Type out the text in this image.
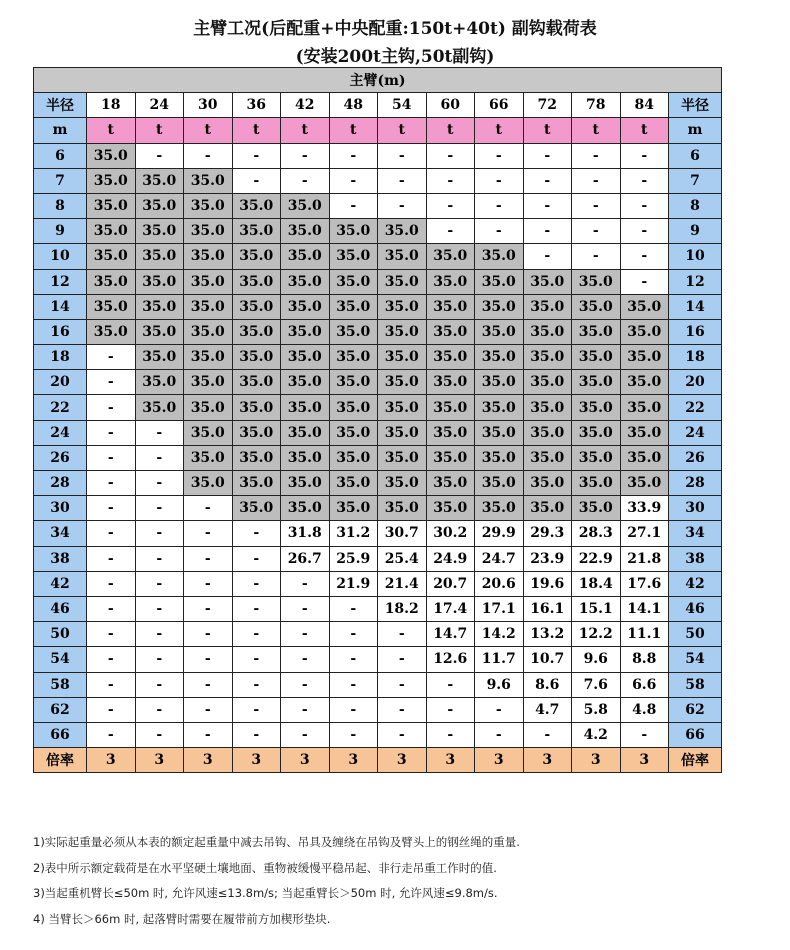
主臂工况(后配重+中央配重:150t+40t) 副钩载荷表
(安装200t主钩,50t副钩)
主臂(m)													
半径	18	24	30	36	42	48	54	60	66	72	78	84	半径
m	t	t	t	t	t	t	t	t	t	t	t	t	m
6	35.0	-	-	-	-	-	-	-	-	-	-	-	6
7	35.0	35.0	35.0	-	-	-	-	-	-	-	-	-	7
8	35.0	35.0	35.0	35.0	35.0	-	-	-	-	-	-	-	8
9	35.0	35.0	35.0	35.0	35.0	35.0	35.0	-	-	-	-	-	9
10	35.0	35.0	35.0	35.0	35.0	35.0	35.0	35.0	35.0	-	-	-	10
12	35.0	35.0	35.0	35.0	35.0	35.0	35.0	35.0	35.0	35.0	35.0	-	12
14	35.0	35.0	35.0	35.0	35.0	35.0	35.0	35.0	35.0	35.0	35.0	35.0	14
16	35.0	35.0	35.0	35.0	35.0	35.0	35.0	35.0	35.0	35.0	35.0	35.0	16
18	-	35.0	35.0	35.0	35.0	35.0	35.0	35.0	35.0	35.0	35.0	35.0	18
20	-	35.0	35.0	35.0	35.0	35.0	35.0	35.0	35.0	35.0	35.0	35.0	20
22	-	35.0	35.0	35.0	35.0	35.0	35.0	35.0	35.0	35.0	35.0	35.0	22
24	-	-	35.0	35.0	35.0	35.0	35.0	35.0	35.0	35.0	35.0	35.0	24
26	-	-	35.0	35.0	35.0	35.0	35.0	35.0	35.0	35.0	35.0	35.0	26
28	-	-	35.0	35.0	35.0	35.0	35.0	35.0	35.0	35.0	35.0	35.0	28
30	-	-	-	35.0	35.0	35.0	35.0	35.0	35.0	35.0	35.0	33.9	30
34	-	-	-	-	31.8	31.2	30.7	30.2	29.9	29.3	28.3	27.1	34
38	-	-	-	-	26.7	25.9	25.4	24.9	24.7	23.9	22.9	21.8	38
42	-	-	-	-	-	21.9	21.4	20.7	20.6	19.6	18.4	17.6	42
46	-	-	-	-	-	-	18.2	17.4	17.1	16.1	15.1	14.1	46
50	-	-	-	-	-	-	-	14.7	14.2	13.2	12.2	11.1	50
54	-	-	-	-	-	-	-	12.6	11.7	10.7	9.6	8.8	54
58	-	-	-	-	-	-	-	-	9.6	8.6	7.6	6.6	58
62	-	-	-	-	-	-	-	-	-	4.7	5.8	4.8	62
66	-	-	-	-	-	-	-	-	-	-	4.2	-	66
倍率	3	3	3	3	3	3	3	3	3	3	3	3	倍率
1)实际起重量必须从本表的额定起重量中减去吊钩、吊具及缠绕在吊钩及臂头上的钢丝绳的重量.
2)表中所示额定载荷是在水平坚硬土壤地面、重物被缓慢平稳吊起、非行走吊重工作时的值.
3)当起重机臂长≤50m 时, 允许风速≤13.8m/s; 当起重臂长＞50m 时, 允许风速≤9.8m/s.
4) 当臂长＞66m 时, 起落臂时需要在履带前方加楔形垫块.
